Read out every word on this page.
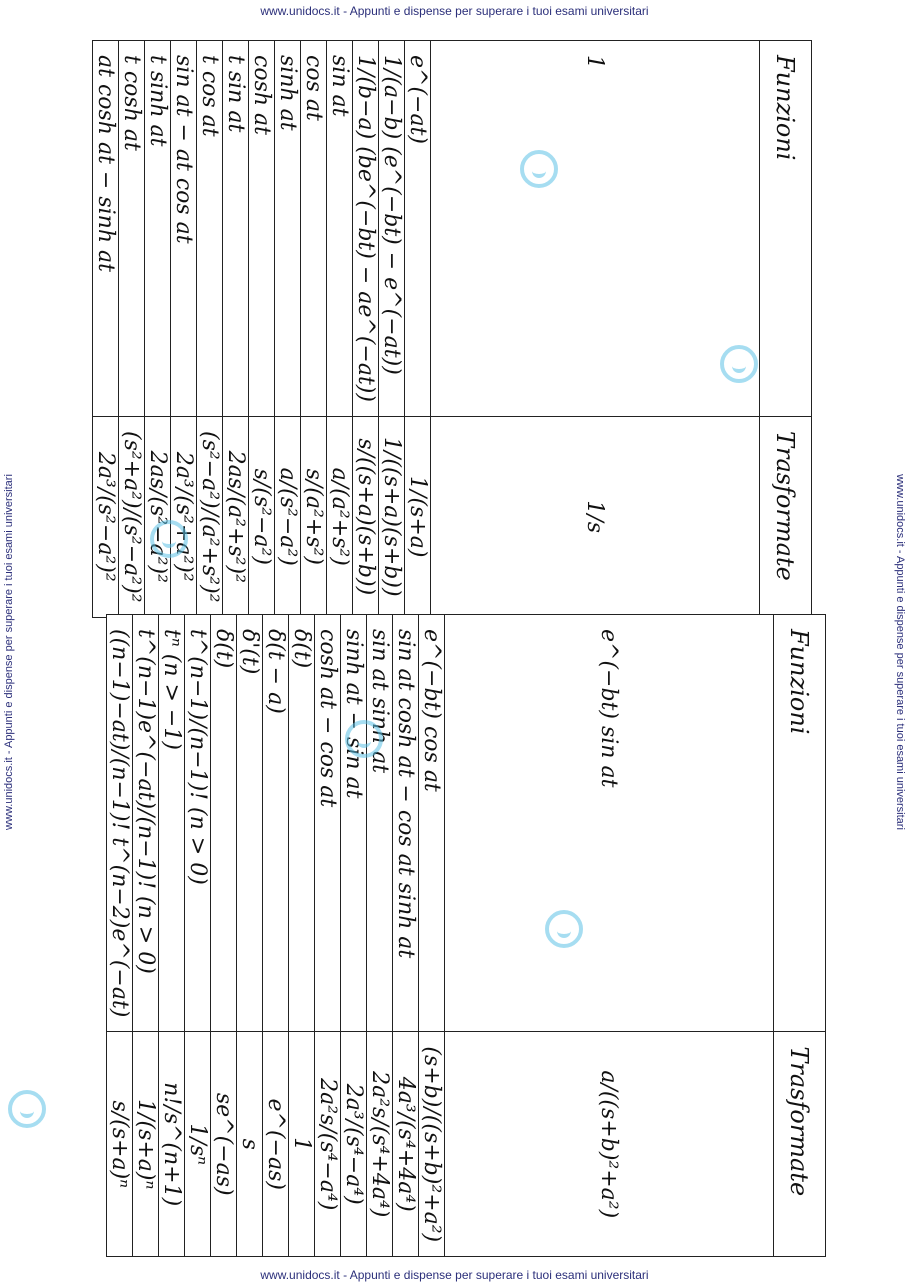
www.unidocs.it - Appunti e dispense per superare i tuoi esami universitari
www.unidocs.it - Appunti e dispense per superare i tuoi esami universitari
www.unidocs.it - Appunti e dispense per superare i tuoi esami universitari	www.unidocs.it - Appunti e dispense per superare i tuoi esami universitari
Funzioni	Trasformate
1	1/s
e^(−at)	1/(s+a)
1/(a−b) (e^(−bt) − e^(−at))	1/((s+a)(s+b))
1/(b−a) (be^(−bt) − ae^(−at))	s/((s+a)(s+b))
sin at	a/(a²+s²)
cos at	s/(a²+s²)
sinh at	a/(s²−a²)
cosh at	s/(s²−a²)
t sin at	2as/(a²+s²)²
t cos at	(s²−a²)/(a²+s²)²
sin at − at cos at	2a³/(s²+a²)²
t sinh at	2as/(s²−a²)²
t cosh at	(s²+a²)/(s²−a²)²
at cosh at − sinh at	2a³/(s²−a²)²
Funzioni	Trasformate
e^(−bt) sin at	a/((s+b)²+a²)
e^(−bt) cos at	(s+b)/((s+b)²+a²)
sin at cosh at − cos at sinh at	4a³/(s⁴+4a⁴)
sin at sinh at	2a²s/(s⁴+4a⁴)
sinh at − sin at	2a³/(s⁴−a⁴)
cosh at − cos at	2a²s/(s⁴−a⁴)
δ(t)	1
δ(t − a)	e^(−as)
δ'(t)	s
δ(t)	se^(−as)
t^(n−1)/(n−1)! (n > 0)	1/sⁿ
tⁿ (n > −1)	n!/s^(n+1)
t^(n−1)e^(−at)/(n−1)! (n > 0)	1/(s+a)ⁿ
((n−1)−at)/(n−1)! t^(n−2)e^(−at)	s/(s+a)ⁿ
